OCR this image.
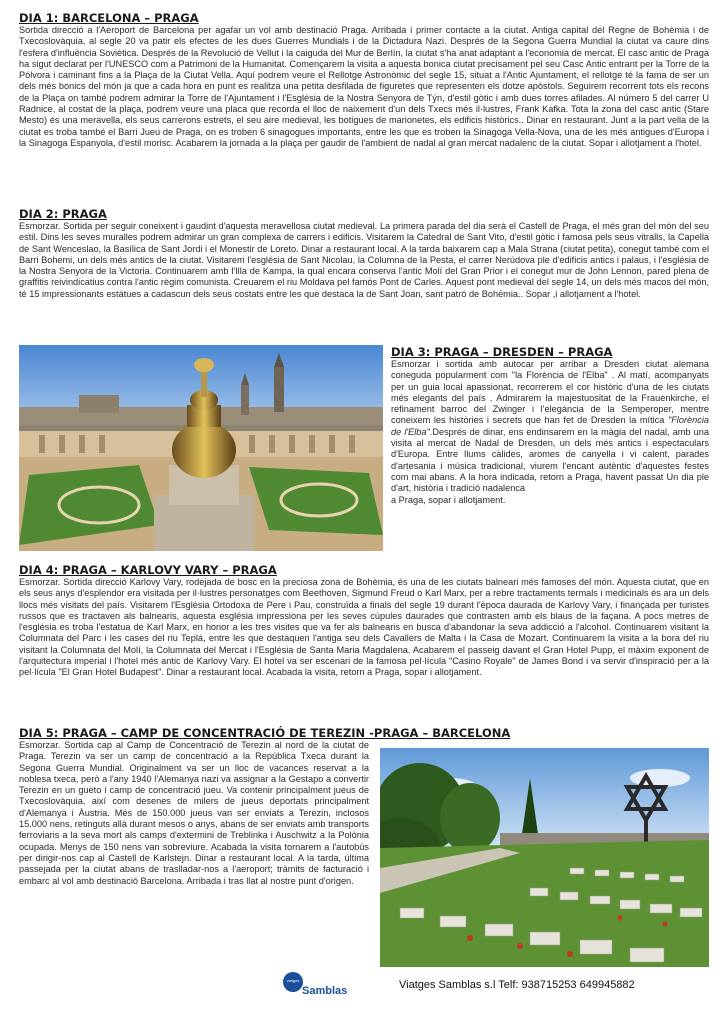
DIA 1: BARCELONA – PRAGA

Sortida direcció a l'Aeroport de Barcelona per agafar un vol amb destinació Praga. Arribada i primer contacte a la ciutat. Antiga capital del Regne de Bohèmia i de Txecoslovàquia, al segle 20 va patir els efectes de les dues Guerres Mundials i de la Dictadura Nazi. Després de la Segona Guerra Mundial la ciutat va caure dins l'esfera d'influència Soviètica. Després de la Revolució de Vellut i la caiguda del Mur de Berlín, la ciutat s'ha anat adaptant a l'economia de mercat. El casc antic de Praga ha sigut declarat per l'UNESCO com a Patrimoni de la Humanitat. Començarem la visita a aquesta bonica ciutat precisament pel seu Casc Antic entrant per la Torre de la Pólvora i caminant fins a la Plaça de la Ciutat Vella. Aquí podrem veure el Rellotge Astronòmic del segle 15, situat a l'Antic Ajuntament, el rellotge té la fama de ser un dels més bonics del món ja que a cada hora en punt es realitza una petita desfilada de figuretes que representen els dotze apòstols. Seguirem recorrent tots els recons de la Plaça on també podrem admirar la Torre de l'Ajuntament i l'Església de la Nostra Senyora de Týn, d'estil gòtic i amb dues torres afilades. Al número 5 del carrer U Radnice, al costat de la plaça, podrem veure una placa que recorda el lloc de naixement d'un dels Txecs més il·lustres, Frank Kafka. Tota la zona del casc antic (Stare Mesto) és una meravella, els seus carrerons estrets, el seu aire medieval, les botigues de marionetes, els edificis històrics.. Dinar en restaurant. Junt a la part vella de la ciutat es troba també el Barri Jueu de Praga, on es troben 6 sinagogues importants, entre les que es troben la Sinagoga Vella-Nova, una de les més antigues d'Europa i la Sinagoga Espanyola, d'estil morisc. Acabarem la jornada a la plaça per gaudir de l'ambient de nadal al gran mercat nadalenc de la ciutat. Sopar i allotjament a l'hotel.

DIA 2: PRAGA

Esmorzar. Sortida per seguir coneixent i gaudint d'aquesta meravellosa ciutat medieval. La primera parada del dia serà el Castell de Praga, el més gran del món del seu estil. Dins les seves muralles podrem admirar un gran complexa de carrers i edificis. Visitarem la Catedral de Sant Vito, d'estil gòtic i famosa pels seus vitralls, la Capella de Sant Wenceslao, la Basílica de Sant Jordi i el Monestir de Loreto. Dinar a restaurant local. A la tarda baixarem cap a Mala Strana (ciutat petita), conegut també com el Barri Bohemi, un dels més antics de la ciutat. Visitarem l'església de Sant Nicolau, la Columna de la Pesta, el carrer Nerúdova ple d'edificis antics i palaus, i l'església de la Nostra Senyora de la Victoria. Continuarem amb l'Illa de Kampa, la qual encara conserva l'antic Molí del Gran Prior i el conegut mur de John Lennon, pared plena de graffitis reivindicatius contra l'antic règim comunista. Creuarem el riu Moldava pel famós Pont de Carles. Aquest pont medieval del segle 14, un dels més macos del món, té 15 impressionants estàtues a cadascun dels seus costats entre les que destaca la de Sant Joan, sant patró de Bohèmia.. Sopar ,i allotjament a l'hotel.

DIA 3: PRAGA – DRESDEN – PRAGA

Esmorzar i sortida amb autocar per arribar a Dresden ciutat alemana coneguda popularment com "la Florència de l'Elba" . Al matí, acompanyats per un guia local apassionat, recorrerem el cor històric d'una de les ciutats més elegants del país . Admirarem la majestuositat de la Frauenkirche, el refinament barroc del Zwinger i l'elegància de la Semperoper, mentre coneixem les històries i secrets que han fet de Dresden la mítica "Florència de l'Elba".Després de dinar, ens endinsarem en la màgia del nadal, amb una visita al mercat de Nadal de Dresden, un dels més antics i espectaculars d'Europa. Entre llums càlides, aromes de canyella i vi calent, parades d'artesania i música tradicional, viurem l'encant autèntic d'aquestes festes com mai abans. A la hora indicada, retorn a Praga, havent passat Un dia ple d'art, història i tradició nadalenca

a Praga, sopar i allotjament.

DIA 4: PRAGA – KARLOVY VARY – PRAGA

Esmorzar. Sortida direcció Karlovy Vary, rodejada de bosc en la preciosa zona de Bohèmia, és una de les ciutats balneari més famoses del món. Aquesta ciutat, que en els seus anys d'esplendor era visitada per il·lustres personatges com Beethoven, Sigmund Freud o Karl Marx, per a rebre tractaments termals i medicinals és ara un dels llocs més visitats del país. Visitarem l'Església Ortodoxa de Pere i Pau, construïda a finals del segle 19 durant l'època daurada de Karlovy Vary, i finançada per turistes russos que es tractaven als balnearis, aquesta església impressiona per les seves cúpules daurades que contrasten amb els blaus de la façana. A pocs metres de l'església es troba l'estatua de Karl Marx, en honor a les tres visites que va fer als balnearis en busca d'abandonar la seva addicció a l'alcohol. Continuarem visitant la Columnata del Parc i les cases del riu Teplá, entre les que destaquen l'antiga seu dels Cavallers de Malta i la Casa de Mozart. Continuarem la visita a la bora del riu visitant la Columnata del Molí, la Columnata del Mercat i l'Església de Santa Maria Magdalena. Acabarem el passeig davant el Gran Hotel Pupp, el màxim exponent de l'arquitectura imperial i l'hotel més antic de Karlovy Vary. El hotel va ser escenari de la famosa pel·lícula "Casino Royale" de James Bond i va servir d'inspiració per a la pel·lícula "El Gran Hotel Budapest". Dinar a restaurant local. Acabada la visita, retorn a Praga, sopar i allotjament.

DIA 5: PRAGA – CAMP DE CONCENTRACIÓ DE TEREZIN -PRAGA – BARCELONA

Esmorzar. Sortida cap al Camp de Concentració de Terezin al nord de la ciutat de Praga. Terezin va ser un camp de concentració a la República Txeca durant la Segona Guerra Mundial. Originalment va ser un lloc de vacances reservat a la noblesa txeca, però a l'any 1940 l'Alemanya nazi va assignar a la Gestapo a convertir Terezin en un gueto i camp de concentració jueu. Va contenir principalment jueus de Txecoslovàquia, així com desenes de milers de jueus deportats principalment d'Alemanya i Àustria. Més de 150.000 jueus van ser enviats a Terezin, inclosos 15.000 nens, retinguts allà durant mesos o anys, abans de ser enviats amb transports ferroviaris a la seva mort als camps d'extermini de Treblinka i Auschwitz a la Polònia ocupada. Menys de 150 nens van sobreviure. Acabada la visita tornarem a l'autobús per dirigir-nos cap al Castell de Karlstejn. Dinar a restaurant local. A la tarda, última passejada per la ciutat abans de traslladar-nos a l'aeroport; tràmits de facturació i embarc al vol amb destinació Barcelona. Arribada i tras llat al nostre punt d'origen.

viatges
Samblas	Viatges Samblas s.l Telf: 938715253 649945882
